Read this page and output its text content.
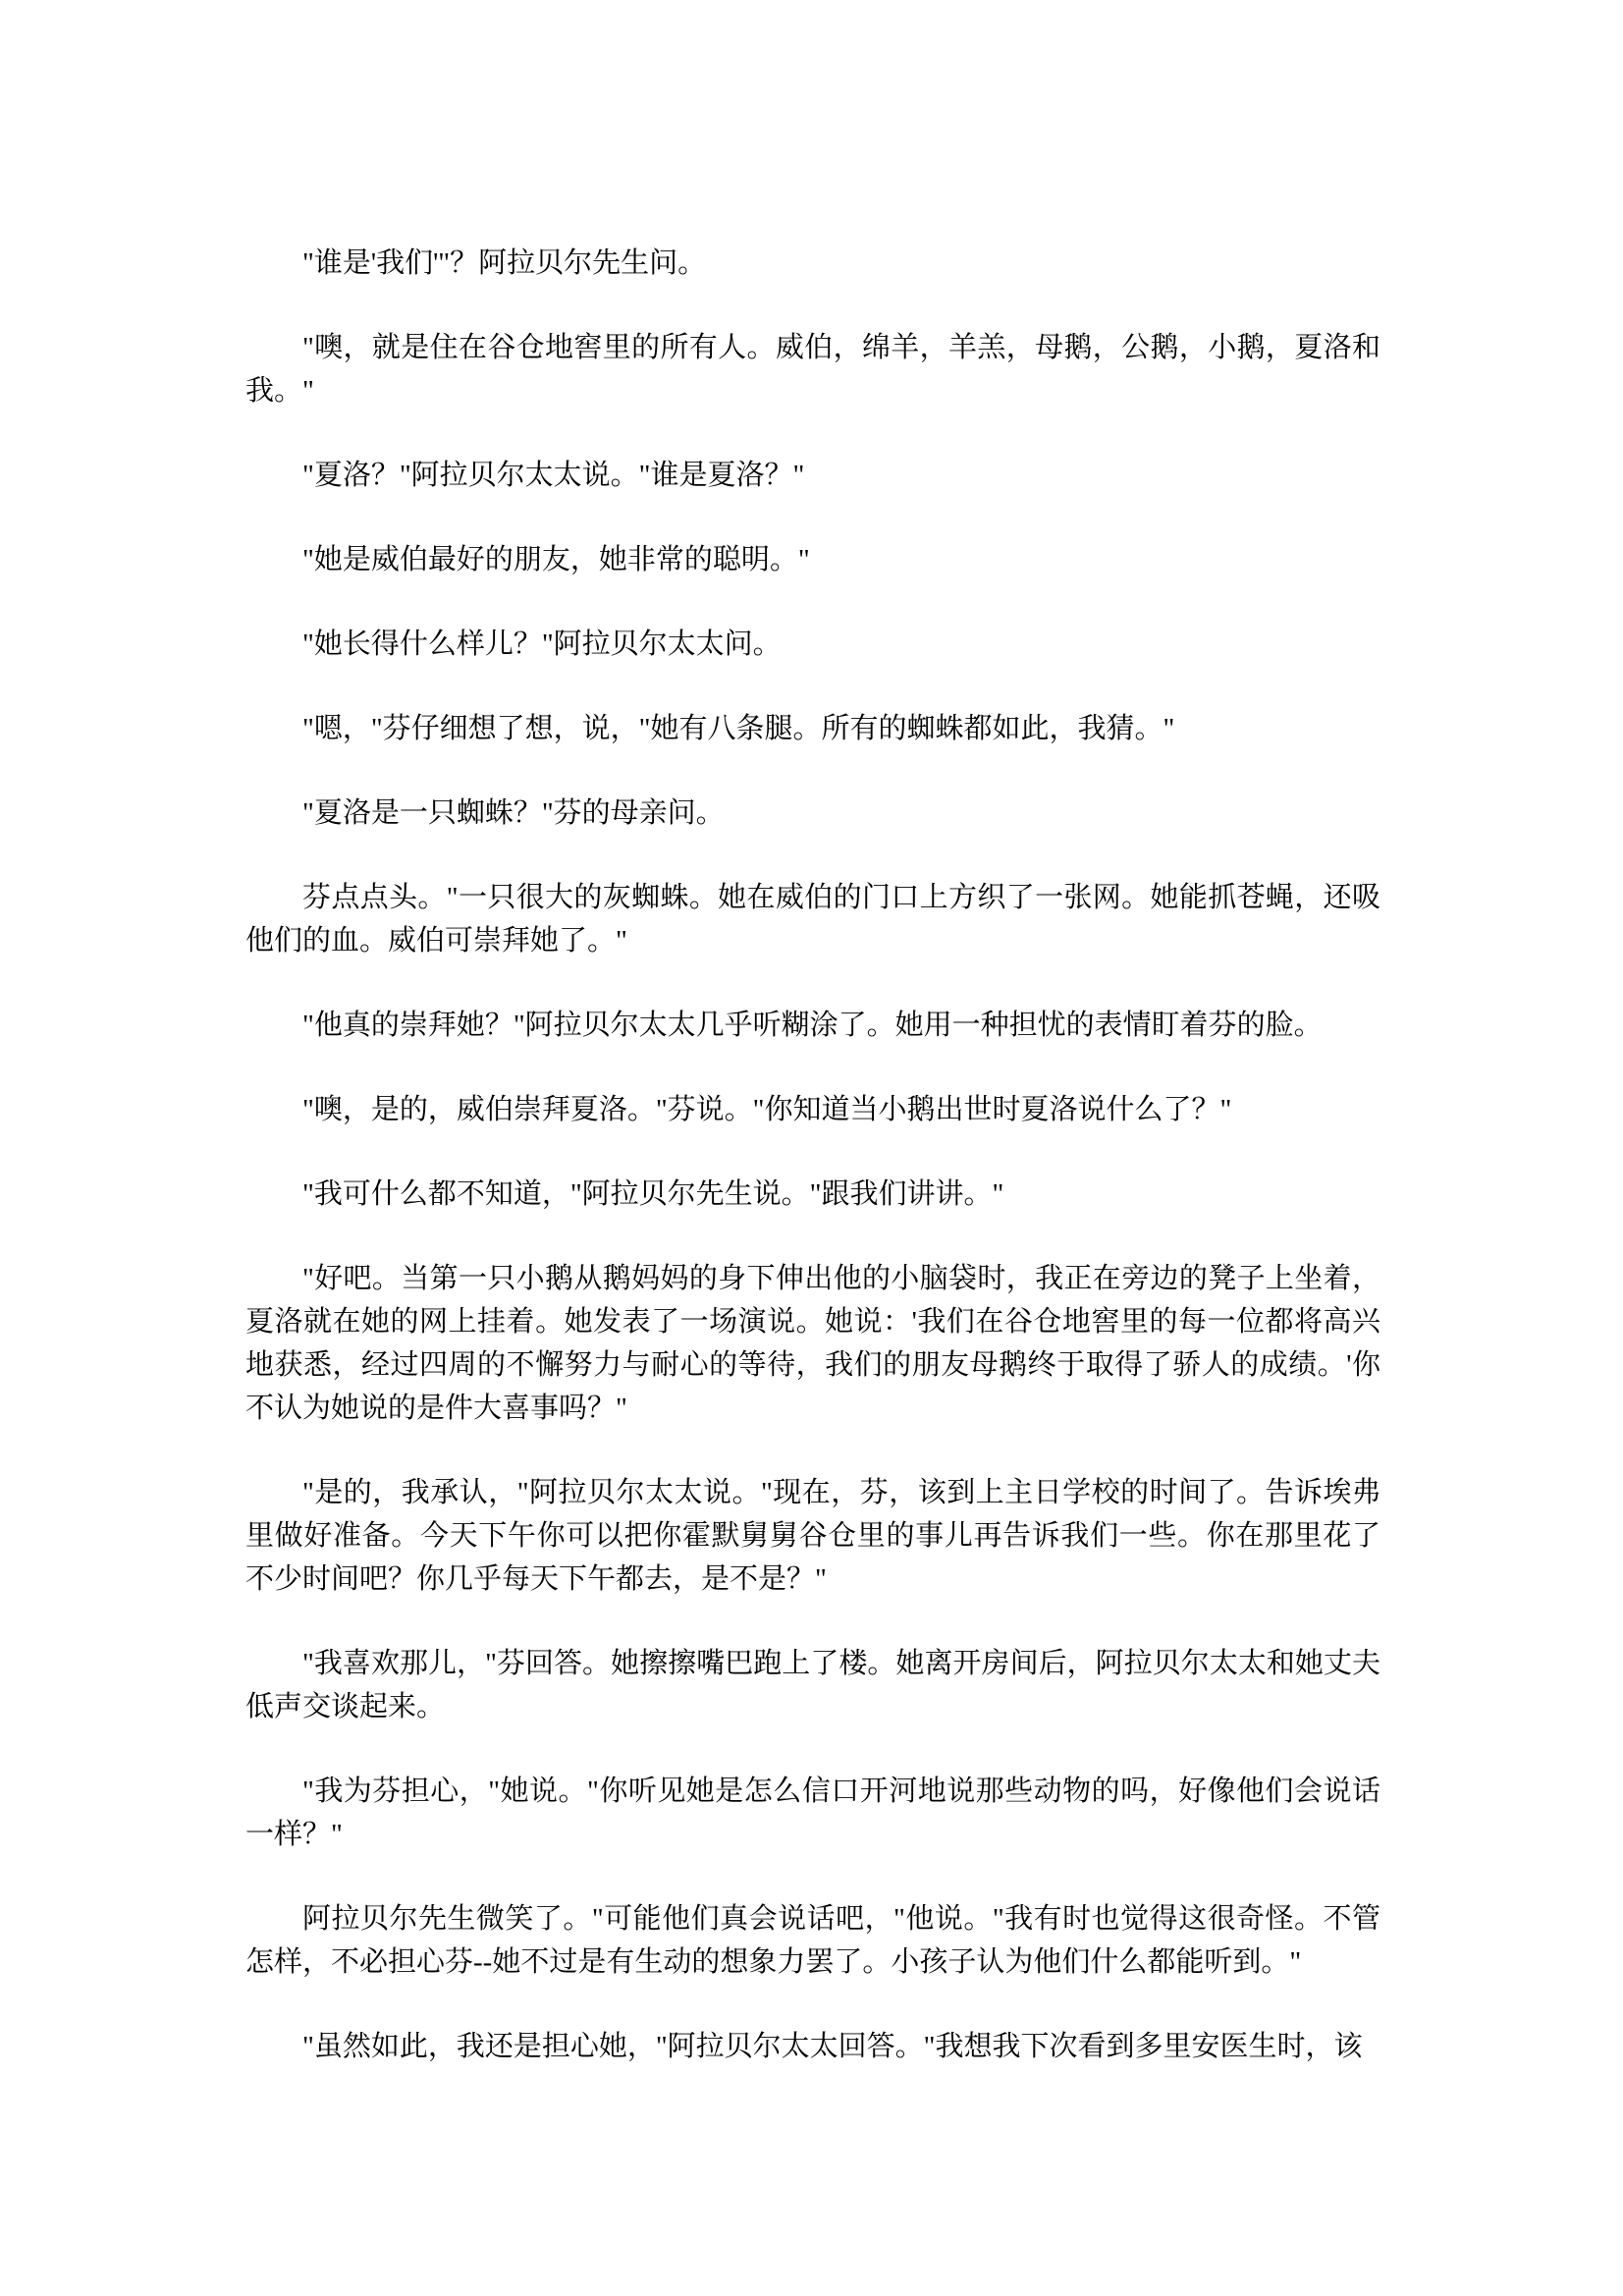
"谁是'我们'"？阿拉贝尔先生问。

"噢，就是住在谷仓地窖里的所有人。威伯，绵羊，羊羔，母鹅，公鹅，小鹅，夏洛和我。"

"夏洛？"阿拉贝尔太太说。"谁是夏洛？"

"她是威伯最好的朋友，她非常的聪明。"

"她长得什么样儿？"阿拉贝尔太太问。

"嗯，"芬仔细想了想，说，"她有八条腿。所有的蜘蛛都如此，我猜。"

"夏洛是一只蜘蛛？"芬的母亲问。

芬点点头。"一只很大的灰蜘蛛。她在威伯的门口上方织了一张网。她能抓苍蝇，还吸他们的血。威伯可崇拜她了。"

"他真的崇拜她？"阿拉贝尔太太几乎听糊涂了。她用一种担忧的表情盯着芬的脸。

"噢，是的，威伯崇拜夏洛。"芬说。"你知道当小鹅出世时夏洛说什么了？"

"我可什么都不知道，"阿拉贝尔先生说。"跟我们讲讲。"

"好吧。当第一只小鹅从鹅妈妈的身下伸出他的小脑袋时，我正在旁边的凳子上坐着，夏洛就在她的网上挂着。她发表了一场演说。她说：'我们在谷仓地窖里的每一位都将高兴地获悉，经过四周的不懈努力与耐心的等待，我们的朋友母鹅终于取得了骄人的成绩。'你不认为她说的是件大喜事吗？"

"是的，我承认，"阿拉贝尔太太说。"现在，芬，该到上主日学校的时间了。告诉埃弗里做好准备。今天下午你可以把你霍默舅舅谷仓里的事儿再告诉我们一些。你在那里花了不少时间吧？你几乎每天下午都去，是不是？"

"我喜欢那儿，"芬回答。她擦擦嘴巴跑上了楼。她离开房间后，阿拉贝尔太太和她丈夫低声交谈起来。

"我为芬担心，"她说。"你听见她是怎么信口开河地说那些动物的吗，好像他们会说话一样？"

阿拉贝尔先生微笑了。"可能他们真会说话吧，"他说。"我有时也觉得这很奇怪。不管怎样，不必担心芬--她不过是有生动的想象力罢了。小孩子认为他们什么都能听到。"

"虽然如此，我还是担心她，"阿拉贝尔太太回答。"我想我下次看到多里安医生时，该
